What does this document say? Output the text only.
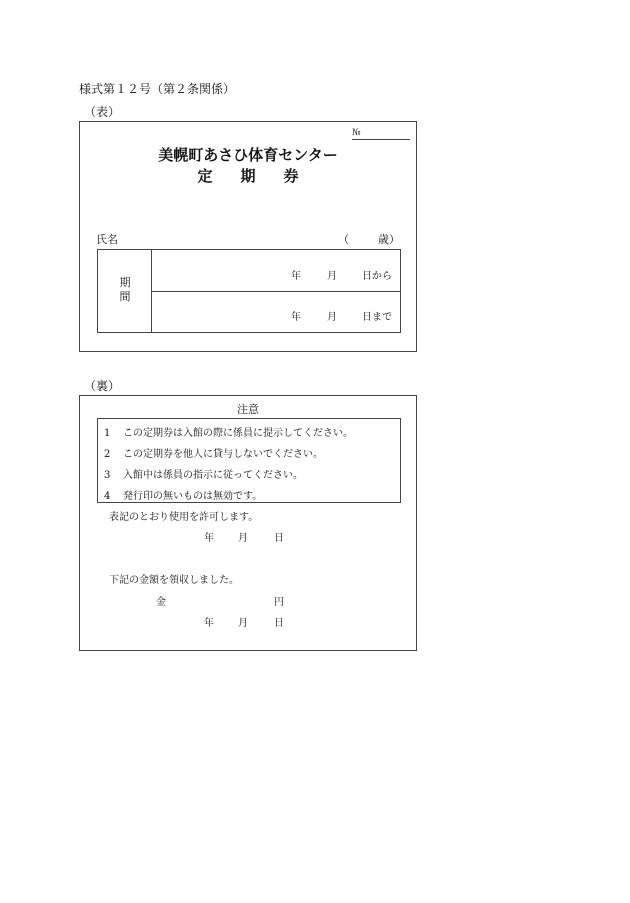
様式第１２号（第２条関係）
（表）
№
美幌町あさひ体育センター
定期券
氏名	（	歳）
期
間
年	月	日から
年	月	日まで
（裏）
注意
1 この定期券は入館の際に係員に提示してください。
2 この定期券を他人に貸与しないでください。
3 入館中は係員の指示に従ってください。
4 発行印の無いものは無効です。
表記のとおり使用を許可します。
年 月	日
下記の金額を領収しました。
金	円
年 月	日
